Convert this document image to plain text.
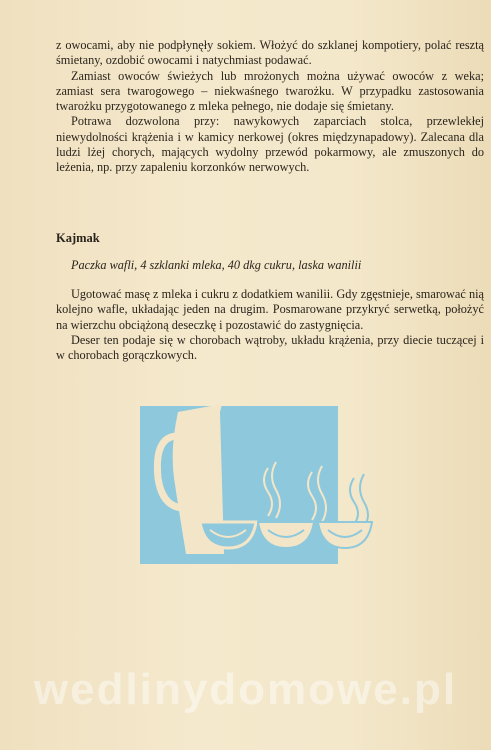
z owocami, aby nie podpłynęły sokiem. Włożyć do szklanej kompotiery, polać resztą śmietany, ozdobić owocami i natychmiast podawać.

Zamiast owoców świeżych lub mrożonych można używać owoców z weka; zamiast sera twarogowego – niekwaśnego twarożku. W przypadku zastosowania twarożku przygotowanego z mleka pełnego, nie dodaje się śmietany.

Potrawa dozwolona przy: nawykowych zaparciach stolca, przewlekłej niewydolności krążenia i w kamicy nerkowej (okres międzynapadowy). Zalecana dla ludzi lżej chorych, mających wydolny przewód pokarmowy, ale zmuszonych do leżenia, np. przy zapaleniu korzonków nerwowych.

Kajmak

Paczka wafli, 4 szklanki mleka, 40 dkg cukru, laska wanilii

Ugotować masę z mleka i cukru z dodatkiem wanilii. Gdy zgęstnieje, smarować nią kolejno wafle, układając jeden na drugim. Posmarowane przykryć serwetką, położyć na wierzchu obciążoną deseczkę i pozostawić do zastygnięcia.

Deser ten podaje się w chorobach wątroby, układu krążenia, przy diecie tuczącej i w chorobach gorączkowych.

wedlinydomowe.pl
